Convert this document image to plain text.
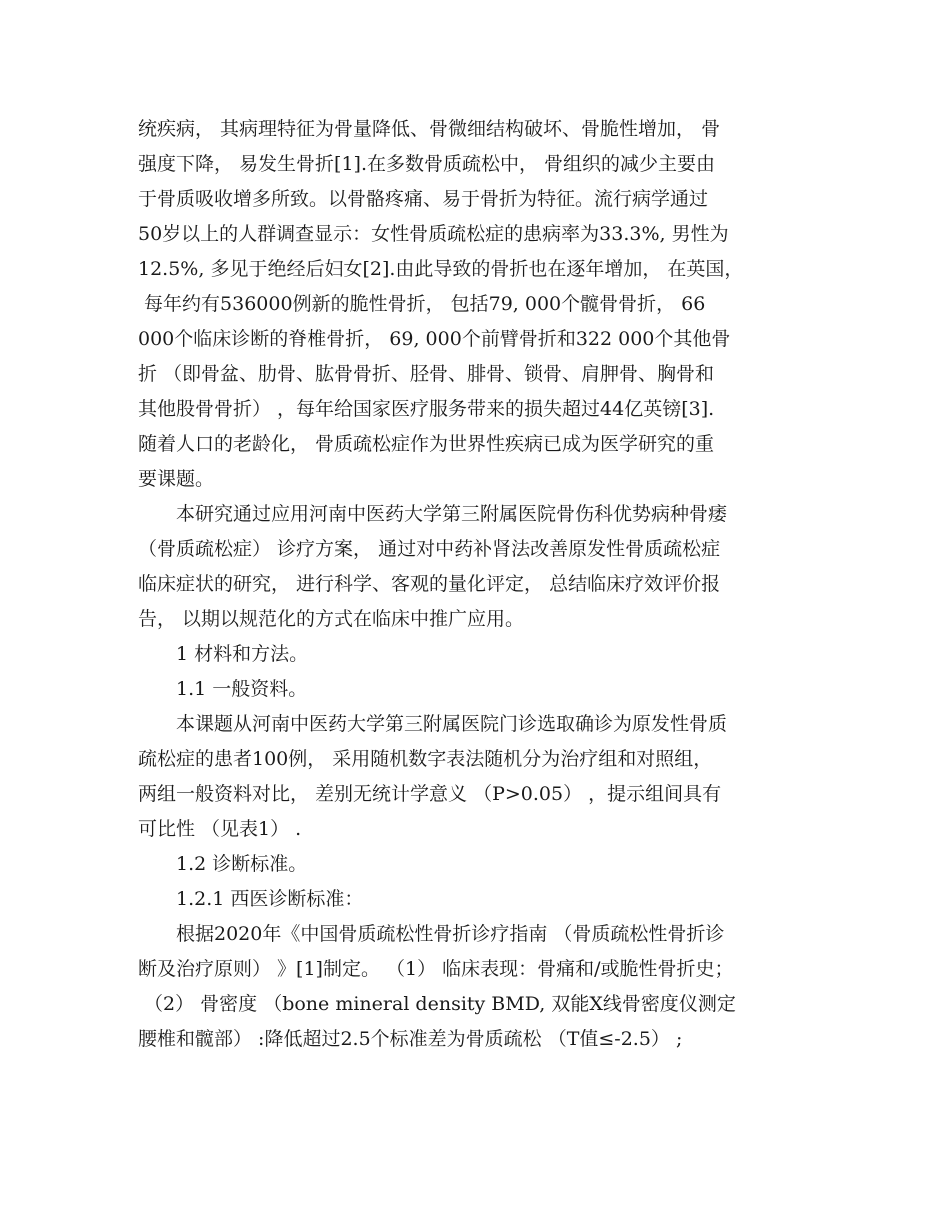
统疾病， 其病理特征为骨量降低、骨微细结构破坏、骨脆性增加， 骨
强度下降， 易发生骨折[1].在多数骨质疏松中， 骨组织的减少主要由
于骨质吸收增多所致。以骨骼疼痛、易于骨折为特征。流行病学通过
50岁以上的人群调查显示：女性骨质疏松症的患病率为33.3%, 男性为
12.5%, 多见于绝经后妇女[2].由此导致的骨折也在逐年增加， 在英国，
每年约有536000例新的脆性骨折， 包括79, 000个髋骨骨折， 66
000个临床诊断的脊椎骨折， 69, 000个前臂骨折和322 000个其他骨
折 （即骨盆、肋骨、肱骨骨折、胫骨、腓骨、锁骨、肩胛骨、胸骨和
其他股骨骨折） ，每年给国家医疗服务带来的损失超过44亿英镑[3].
随着人口的老龄化， 骨质疏松症作为世界性疾病已成为医学研究的重
要课题。
本研究通过应用河南中医药大学第三附属医院骨伤科优势病种骨痿
（骨质疏松症） 诊疗方案， 通过对中药补肾法改善原发性骨质疏松症
临床症状的研究， 进行科学、客观的量化评定， 总结临床疗效评价报
告， 以期以规范化的方式在临床中推广应用。
1 材料和方法。
1.1 一般资料。
本课题从河南中医药大学第三附属医院门诊选取确诊为原发性骨质
疏松症的患者100例， 采用随机数字表法随机分为治疗组和对照组，
两组一般资料对比， 差别无统计学意义 （P>0.05） ，提示组间具有
可比性 （见表1） .
1.2 诊断标准。
1.2.1 西医诊断标准：
根据2020年《中国骨质疏松性骨折诊疗指南 （骨质疏松性骨折诊
断及治疗原则） 》[1]制定。 （1） 临床表现：骨痛和/或脆性骨折史；
（2） 骨密度 （bone mineral density BMD, 双能X线骨密度仪测定
腰椎和髋部） :降低超过2.5个标准差为骨质疏松 （T值≤-2.5） ;
